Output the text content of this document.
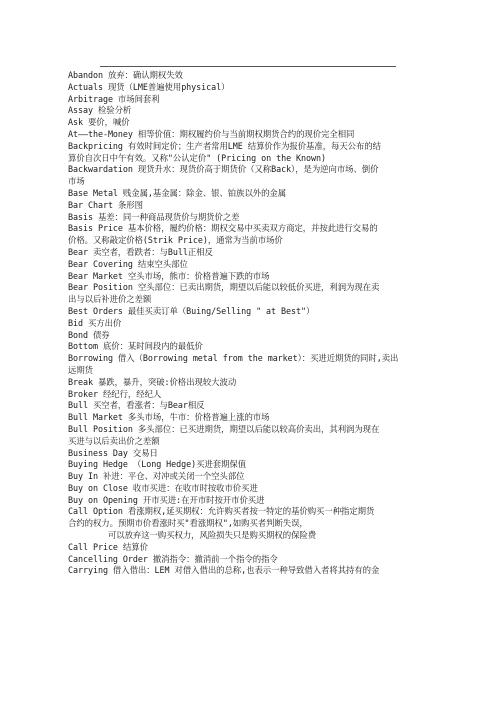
Abandon 放弃：确认期权失效
Actuals 现货（LME普遍使用physical）
Arbitrage 市场间套利
Assay 检验分析
Ask 要价，喊价
At——the-Money 相等价值：期权履约价与当前期权期货合约的现价完全相同
Backpricing 有效时间定价；生产者常用LME 结算价作为报价基准，每天公布的结
算价自次日中午有效。又称"公认定价" (Pricing on the Known)
Backwardation 现货升水：现货价高于期货价（又称Back），是为逆向市场、倒价
市场
Base Metal 贱金属,基金属：除金、银、铂族以外的金属
Bar Chart 条形图
Basis 基差：同一种商品现货价与期货价之差
Basis Price 基本价格，履约价格：期权交易中买卖双方商定，并按此进行交易的
价格。又称敲定价格(Strik Price)，通常为当前市场价
Bear 卖空者，看跌者：与Bull正相反
Bear Covering 结束空头部位
Bear Market 空头市场，熊市：价格普遍下跌的市场
Bear Position 空头部位：已卖出期货，期望以后能以较低价买进，利润为现在卖
出与以后补进价之差额
Best Orders 最佳买卖订单（Buing/Selling " at Best"）
Bid 买方出价
Bond 债券
Bottom 底价：某时间段内的最低价
Borrowing 借入（Borrowing metal from the market）：买进近期货的同时,卖出
远期货
Break 暴跌，暴升，突破:价格出现较大波动
Broker 经纪行，经纪人
Bull 买空者，看涨者：与Bear相反
Bull Market 多头市场，牛市：价格普遍上涨的市场
Bull Position 多头部位：已买进期货，期望以后能以较高价卖出，其利润为现在
买进与以后卖出价之差额
Business Day 交易日
Buying Hedge （Long Hedge)买进套期保值
Buy In 补进：平仓、对冲或关闭一个空头部位
Buy on Close 收市买进：在收市时按收市价买进
Buy on Opening 开市买进:在开市时按开市价买进
Call Option 看涨期权,延买期权：允许购买者按一特定的基价购买一种指定期货
合约的权力。预期市价看涨时买"看涨期权",如购买者判断失误，
可以放弃这一购买权力，风险损失只是购买期权的保险费
Call Price 结算价
Cancelling Order 撤消指令：撤消前一个指令的指令
Carrying 借入借出：LEM 对借入借出的总称,也表示一种导致借入者将其持有的金
